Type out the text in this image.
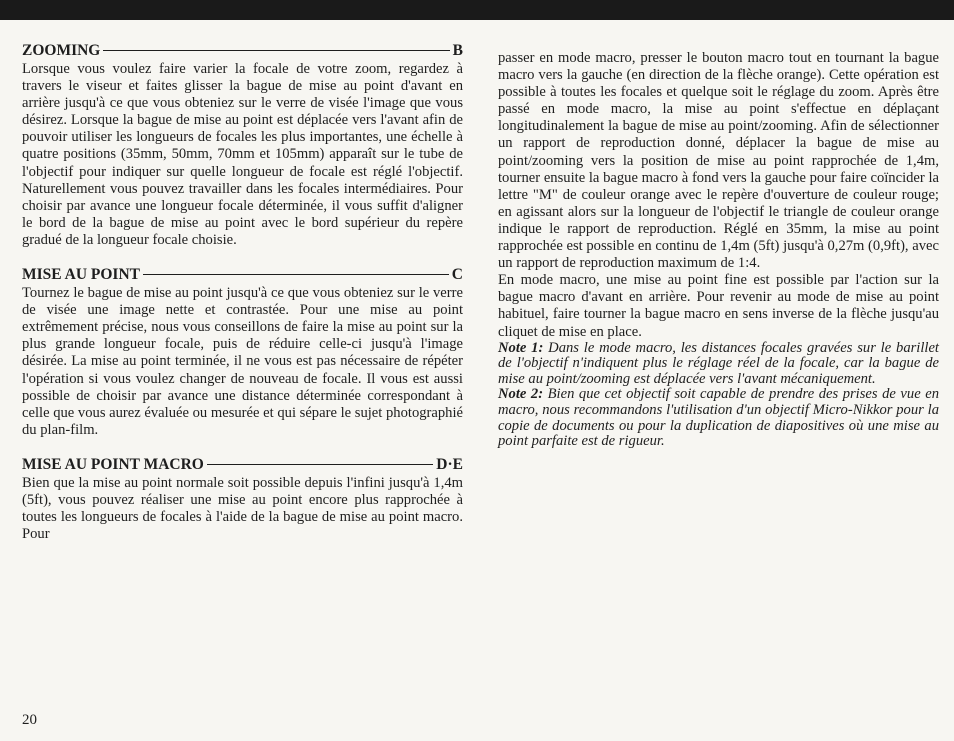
ZOOMING	B

Lorsque vous voulez faire varier la focale de votre zoom, regardez à travers le viseur et faites glisser la bague de mise au point d'avant en arrière jusqu'à ce que vous obteniez sur le verre de visée l'image que vous désirez. Lorsque la bague de mise au point est déplacée vers l'avant afin de pouvoir utiliser les longueurs de focales les plus importantes, une échelle à quatre positions (35mm, 50mm, 70mm et 105mm) apparaît sur le tube de l'objectif pour indiquer sur quelle longueur de focale est réglé l'objectif. Naturellement vous pouvez travailler dans les focales intermédiaires. Pour choisir par avance une longueur focale déterminée, il vous suffit d'aligner le bord de la bague de mise au point avec le bord supérieur du repère gradué de la longueur focale choisie.

MISE AU POINT	C

Tournez le bague de mise au point jusqu'à ce que vous obteniez sur le verre de visée une image nette et contrastée. Pour une mise au point extrêmement précise, nous vous conseillons de faire la mise au point sur la plus grande longueur focale, puis de réduire celle-ci jusqu'à l'image désirée. La mise au point terminée, il ne vous est pas nécessaire de répéter l'opération si vous voulez changer de nouveau de focale. Il vous est aussi possible de choisir par avance une distance déterminée correspondant à celle que vous aurez évaluée ou mesurée et qui sépare le sujet photographié du plan-film.

MISE AU POINT MACRO	D·E

Bien que la mise au point normale soit possible depuis l'infini jusqu'à 1,4m (5ft), vous pouvez réaliser une mise au point encore plus rapprochée à toutes les longueurs de focales à l'aide de la bague de mise au point macro. Pour

passer en mode macro, presser le bouton macro tout en tournant la bague macro vers la gauche (en direction de la flèche orange). Cette opération est possible à toutes les focales et quelque soit le réglage du zoom. Après être passé en mode macro, la mise au point s'effectue en déplaçant longitudinalement la bague de mise au point/zooming. Afin de sélectionner un rapport de reproduction donné, déplacer la bague de mise au point/zooming vers la position de mise au point rapprochée de 1,4m, tourner ensuite la bague macro à fond vers la gauche pour faire coïncider la lettre "M" de couleur orange avec le repère d'ouverture de couleur rouge; en agissant alors sur la longueur de l'objectif le triangle de couleur orange indique le rapport de reproduction. Réglé en 35mm, la mise au point rapprochée est possible en continu de 1,4m (5ft) jusqu'à 0,27m (0,9ft), avec un rapport de reproduction maximum de 1:4.

En mode macro, une mise au point fine est possible par l'action sur la bague macro d'avant en arrière. Pour revenir au mode de mise au point habituel, faire tourner la bague macro en sens inverse de la flèche jusqu'au cliquet de mise en place.

Note 1: Dans le mode macro, les distances focales gravées sur le barillet de l'objectif n'indiquent plus le réglage réel de la focale, car la bague de mise au point/zooming est déplacée vers l'avant mécaniquement.

Note 2: Bien que cet objectif soit capable de prendre des prises de vue en macro, nous recommandons l'utilisation d'un objectif Micro-Nikkor pour la copie de documents ou pour la duplication de diapositives où une mise au point parfaite est de rigueur.

20
